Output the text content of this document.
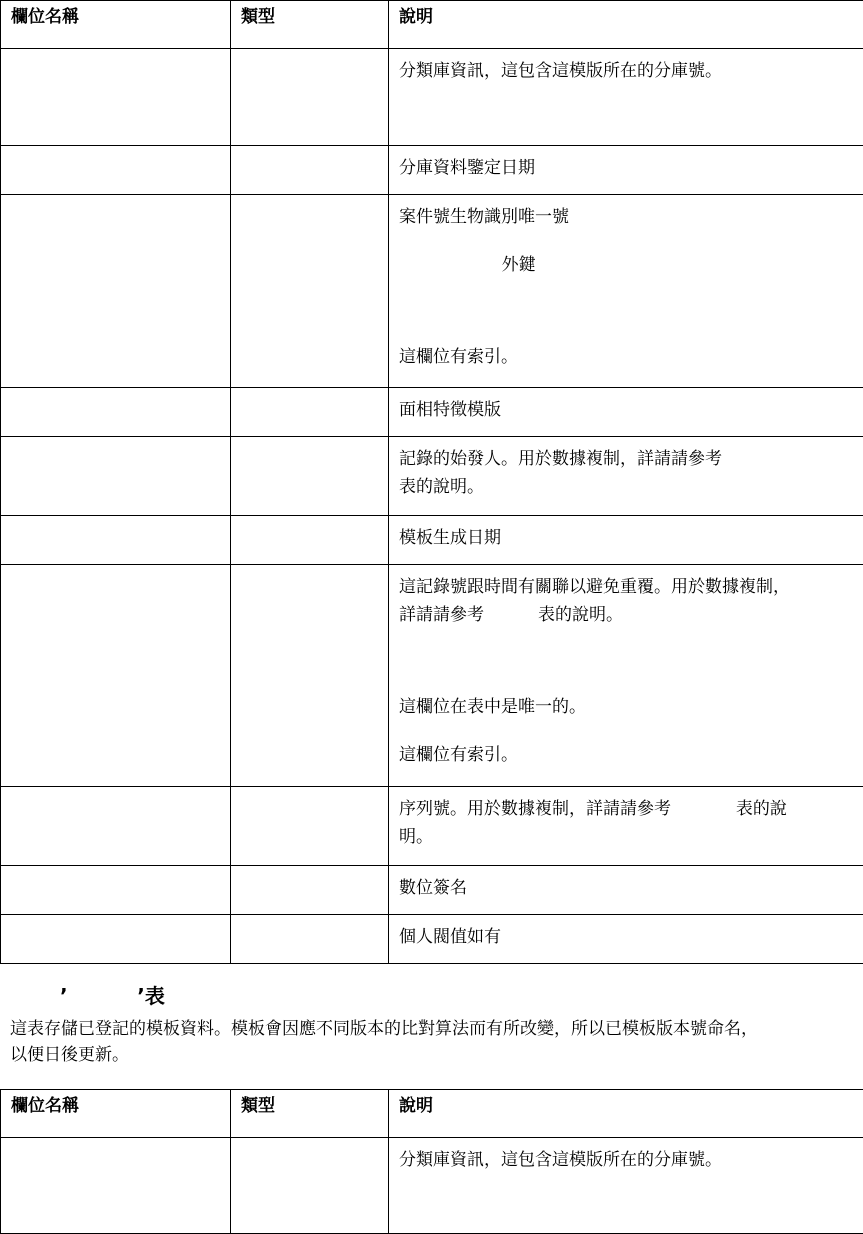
欄位名稱	類型	說明

		分類庫資訊，這包含這模版所在的分庫號。

		分庫資料鑒定日期

		案件號生物識別唯一號
外鍵
這欄位有索引。

		面相特徵模版

		記錄的始發人。用於數據複制，詳請請參考
表的說明。

		模板生成日期

		這記錄號跟時間有關聯以避免重覆。用於數據複制，
詳請請參考          表的說明。
這欄位在表中是唯一的。
這欄位有索引。

		序列號。用於數據複制，詳請請參考            表的說
明。

		數位簽名

		個人閥值如有
’          ’表
這表存儲已登記的模板資料。模板會因應不同版本的比對算法而有所改變，所以已模板版本號命名，
以便日後更新。
欄位名稱	類型	說明

		分類庫資訊，這包含這模版所在的分庫號。
